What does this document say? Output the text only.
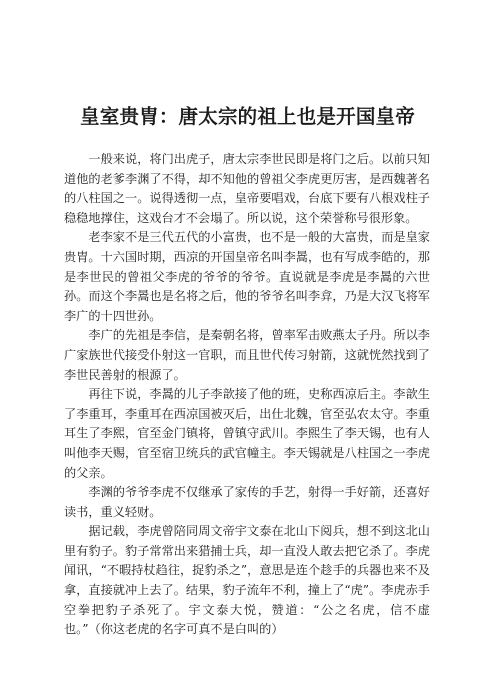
皇室贵胄：唐太宗的祖上也是开国皇帝

一般来说，将门出虎子，唐太宗李世民即是将门之后。以前只知道他的老爹李渊了不得，却不知他的曾祖父李虎更厉害，是西魏著名的八柱国之一。说得透彻一点，皇帝要唱戏，台底下要有八根戏柱子稳稳地撑住，这戏台才不会塌了。所以说，这个荣誉称号很形象。

老李家不是三代五代的小富贵，也不是一般的大富贵，而是皇家贵胄。十六国时期，西凉的开国皇帝名叫李暠，也有写成李皓的，那是李世民的曾祖父李虎的爷爷的爷爷。直说就是李虎是李暠的六世孙。而这个李暠也是名将之后，他的爷爷名叫李弇，乃是大汉飞将军李广的十四世孙。

李广的先祖是李信，是秦朝名将，曾率军击败燕太子丹。所以李广家族世代接受仆射这一官职，而且世代传习射箭，这就恍然找到了李世民善射的根源了。

再往下说，李暠的儿子李歆接了他的班，史称西凉后主。李歆生了李重耳，李重耳在西凉国被灭后，出仕北魏，官至弘农太守。李重耳生了李熙，官至金门镇将，曾镇守武川。李熙生了李天锡，也有人叫他李天赐，官至宿卫统兵的武官幢主。李天锡就是八柱国之一李虎的父亲。

李渊的爷爷李虎不仅继承了家传的手艺，射得一手好箭，还喜好读书，重义轻财。

据记载，李虎曾陪同周文帝宇文泰在北山下阅兵，想不到这北山里有豹子。豹子常常出来猎捕士兵，却一直没人敢去把它杀了。李虎闻讯，“不暇持杖趋往，捉豹杀之”，意思是连个趁手的兵器也来不及拿，直接就冲上去了。结果，豹子流年不利，撞上了“虎”。李虎赤手空拳把豹子杀死了。宇文泰大悦，赞道：“公之名虎，信不虚也。”（你这老虎的名字可真不是白叫的）
